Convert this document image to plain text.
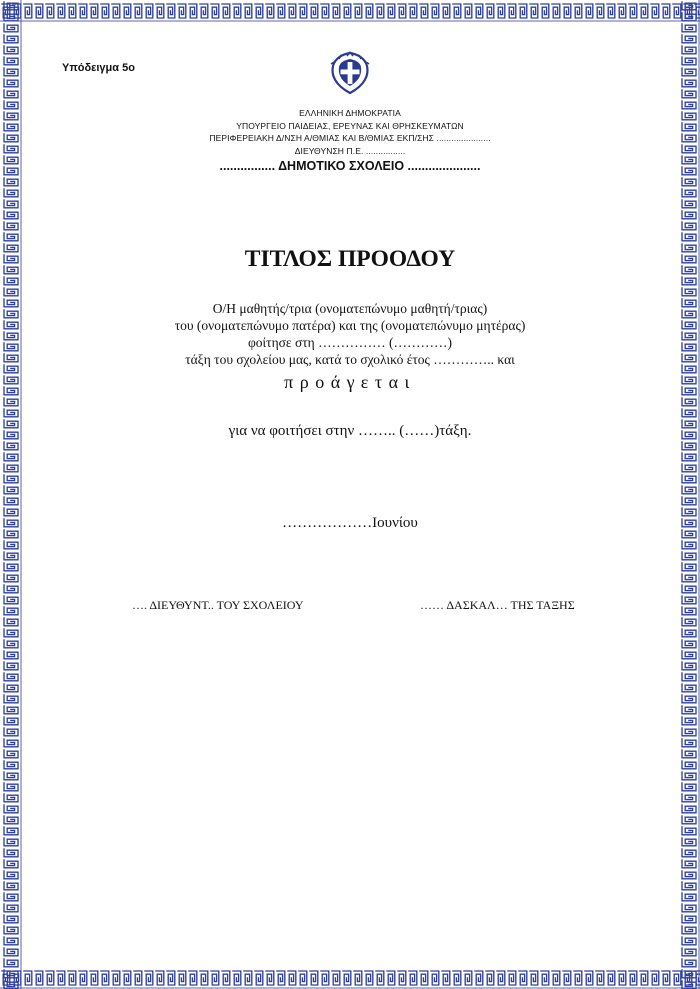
Υπόδειγμα 5ο
ΕΛΛΗΝΙΚΗ ΔΗΜΟΚΡΑΤΙΑ
ΥΠΟΥΡΓΕΙΟ ΠΑΙΔΕΙΑΣ, ΕΡΕΥΝΑΣ ΚΑΙ ΘΡΗΣΚΕΥΜΑΤΩΝ
ΠΕΡΙΦΕΡΕΙΑΚΗ Δ/ΝΣΗ Α/ΘΜΙΑΣ ΚΑΙ Β/ΘΜΙΑΣ ΕΚΠ/ΣΗΣ ......................
ΔΙΕΥΘΥΝΣΗ Π.Ε. ................
................ ΔΗΜΟΤΙΚΟ ΣΧΟΛΕΙΟ .....................
ΤΙΤΛΟΣ ΠΡΟΟΔΟΥ
Ο/Η μαθητής/τρια (ονοματεπώνυμο μαθητή/τριας)
του (ονοματεπώνυμο πατέρα) και της (ονοματεπώνυμο μητέρας)
φοίτησε στη …………… (…………)
τάξη του σχολείου μας, κατά το σχολικό έτος ………….. και
προάγεται
για να φοιτήσει στην …….. (……)τάξη.
………………Ιουνίου
…. ΔΙΕΥΘΥΝΤ.. ΤΟΥ ΣΧΟΛΕΙΟΥ	…… ΔΑΣΚΑΛ… ΤΗΣ ΤΑΞΗΣ
